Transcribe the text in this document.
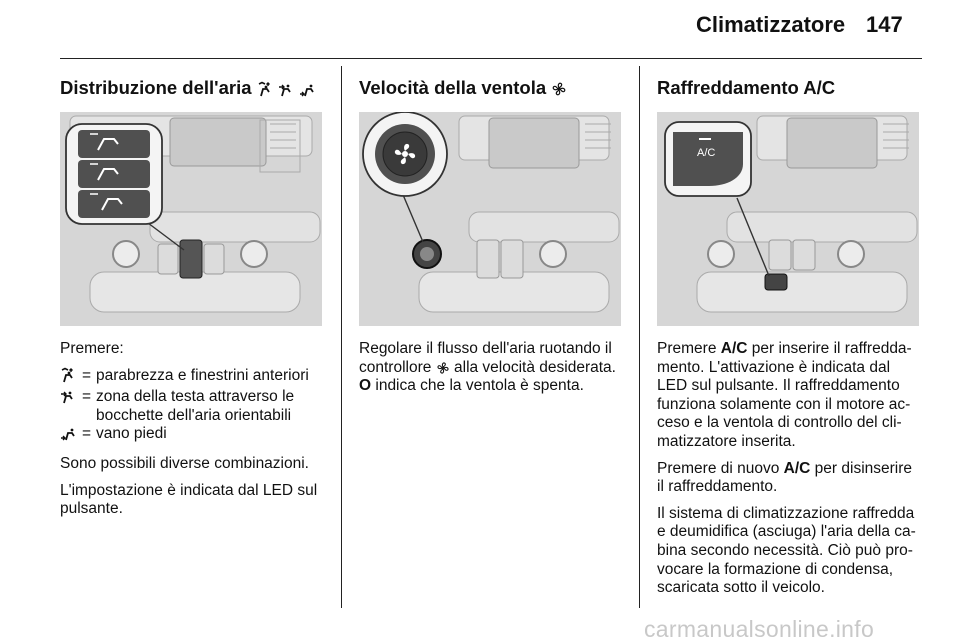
Climatizzatore 147
Distribuzione dell'aria

Premere:

= parabrezza e finestrini anteriori
= zona della testa attraverso le bocchette dell'aria orientabili
= vano piedi

Sono possibili diverse combinazioni.

L'impostazione è indicata dal LED sul pulsante.

Velocità della ventola

Regolare il flusso dell'aria ruotando il controllore alla velocità desiderata. O indica che la ventola è spenta.

Raffreddamento A/C
A/C

Premere A/C per inserire il raffredda-mento. L'attivazione è indicata dal LED sul pulsante. Il raffreddamento funziona solamente con il motore ac-ceso e la ventola di controllo del cli-matizzatore inserita.

Premere di nuovo A/C per disinserire il raffreddamento.

Il sistema di climatizzazione raffredda e deumidifica (asciuga) l'aria della ca-bina secondo necessità. Ciò può pro-vocare la formazione di condensa, scaricata sotto il veicolo.

carmanualsonline.info
